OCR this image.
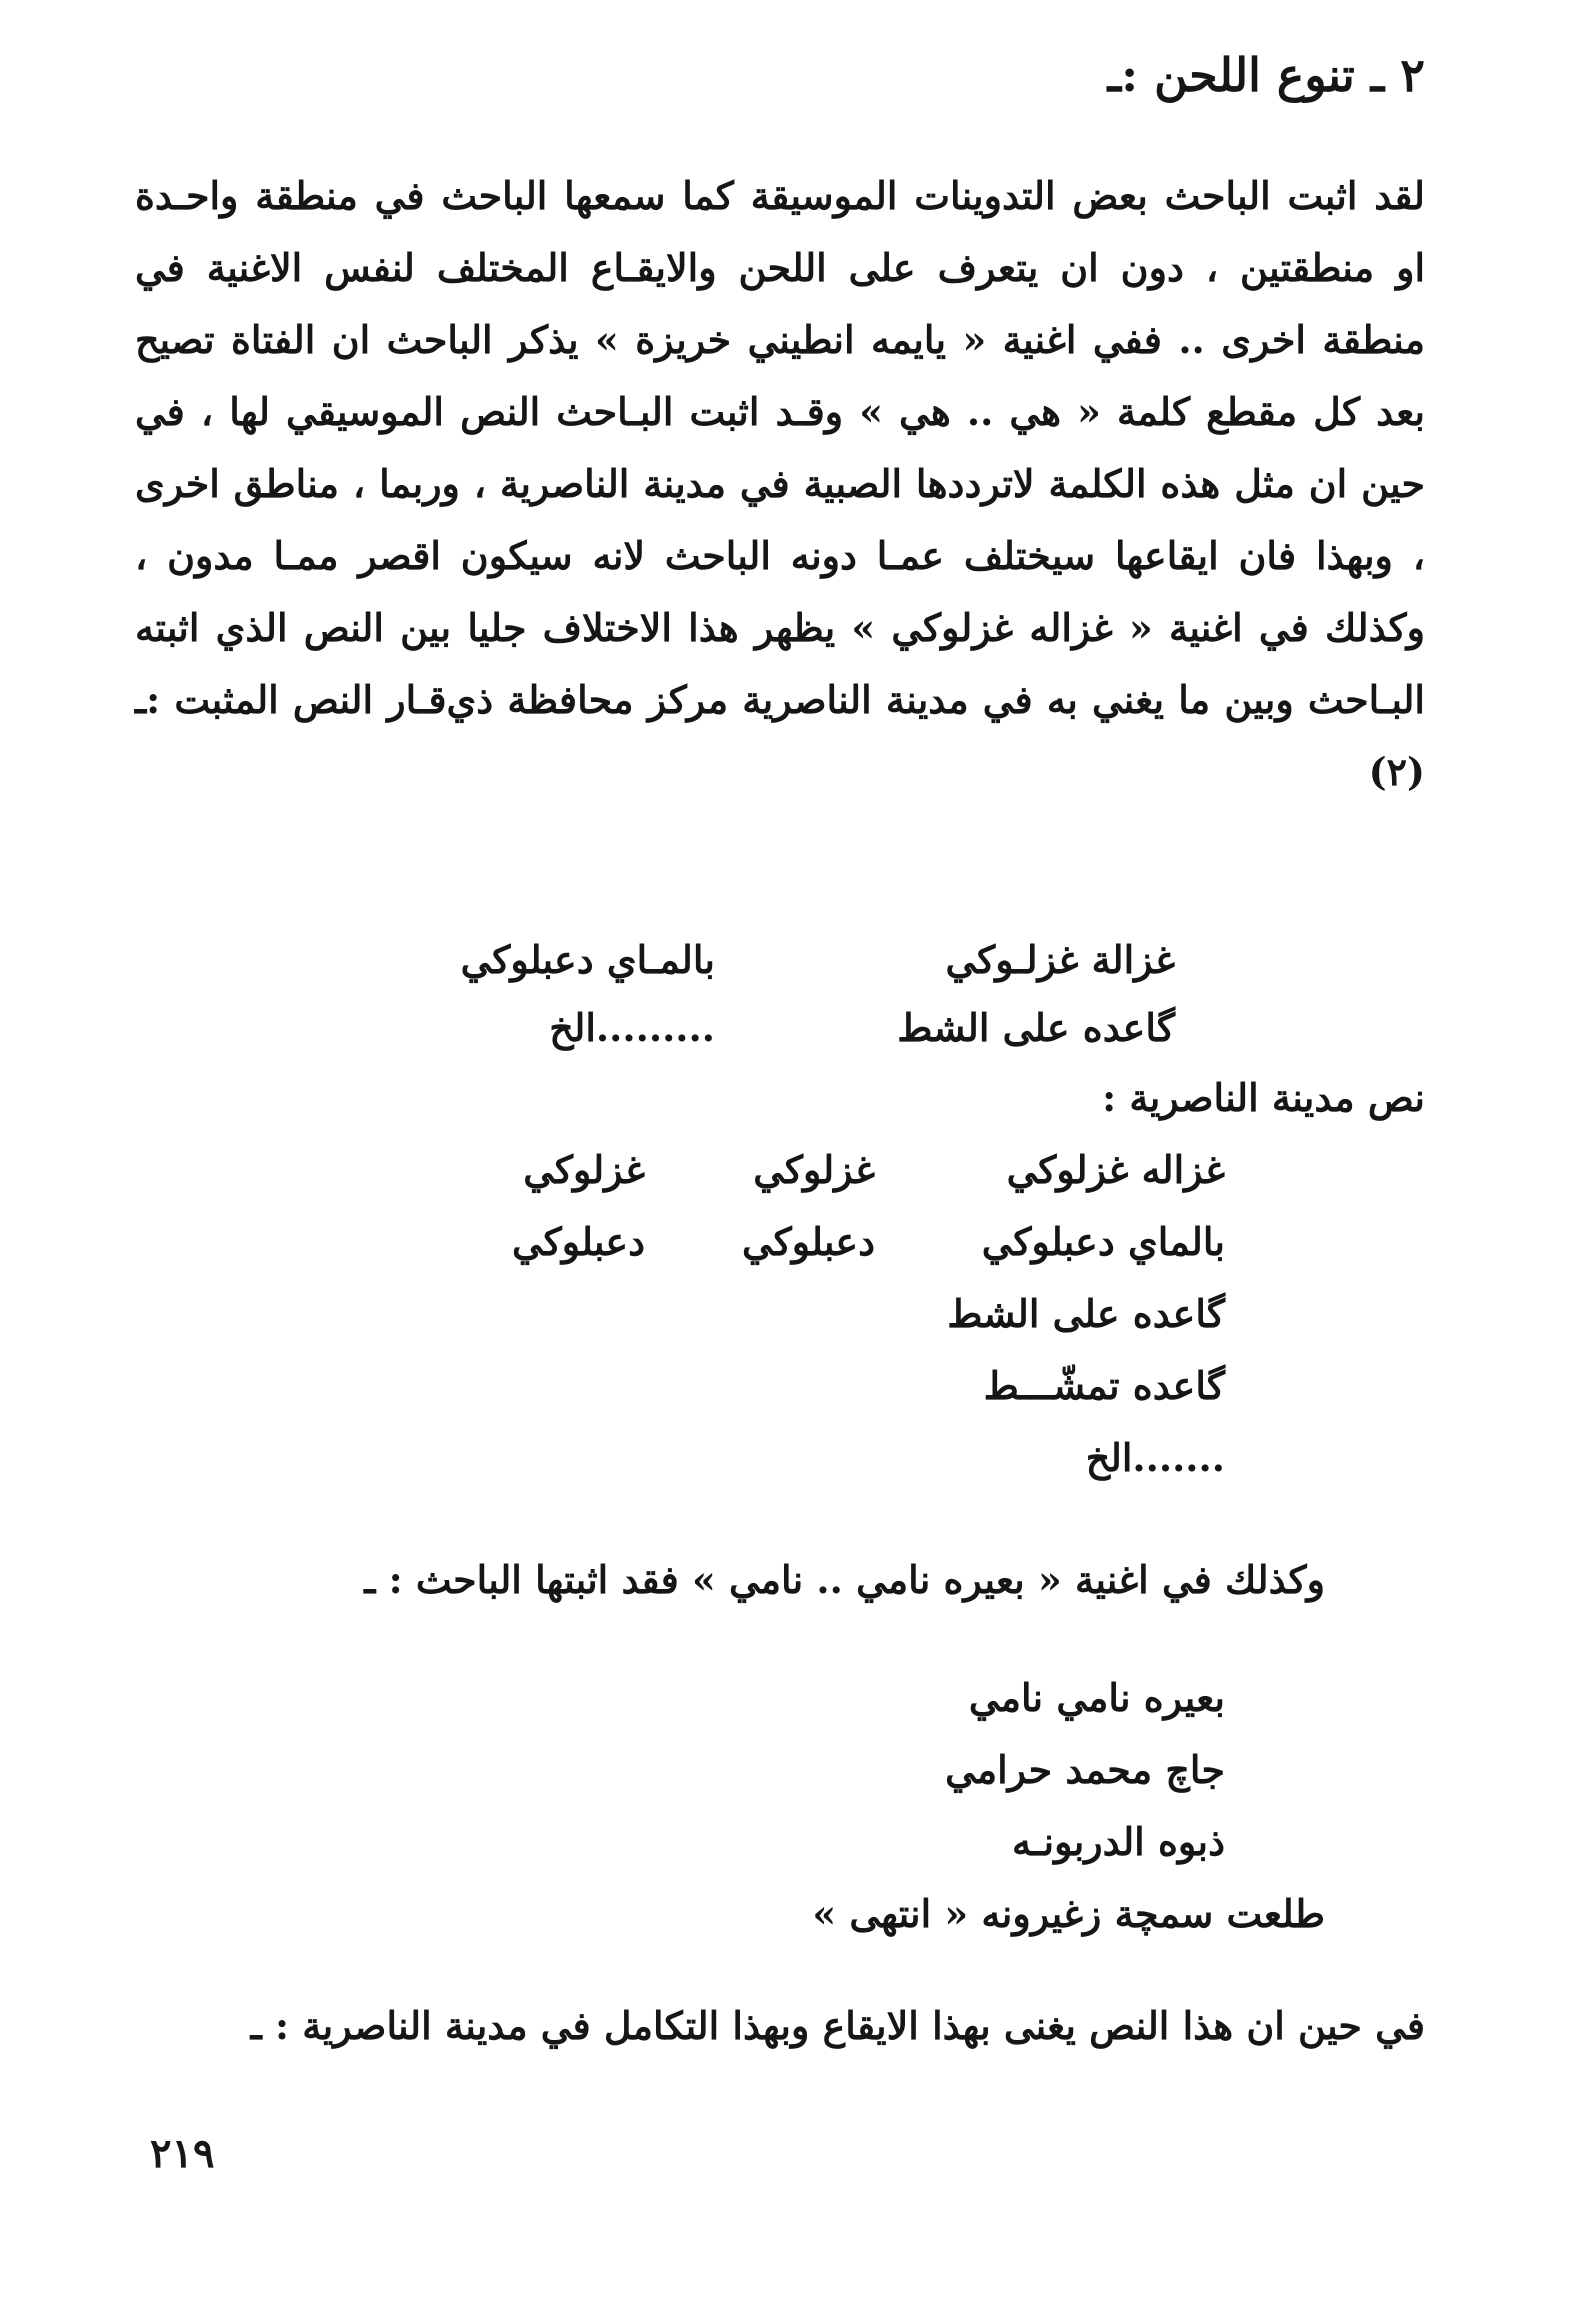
٢ ـ تنوع اللحن :ـ

لقد اثبت الباحث بعض التدوينات الموسيقة كما سمعها الباحث في منطقة واحـدة او منطقتين ، دون ان يتعرف على اللحن والايقـاع المختلف لنفس الاغنية في منطقة اخرى .. ففي اغنية « يايمه انطيني خريزة » يذكر الباحث ان الفتاة تصيح بعد كل مقطع كلمة « هي .. هي » وقـد اثبت البـاحث النص الموسيقي لها ، في حين ان مثل هذه الكلمة لاترددها الصبية في مدينة الناصرية ، وربما ، مناطق اخرى ، وبهذا فان ايقاعها سيختلف عمـا دونه الباحث لانه سيكون اقصر ممـا مدون ، وكذلك في اغنية « غزاله غزلوكي » يظهر هذا الاختلاف جليا بين النص الذي اثبته البـاحث وبين ما يغني به في مدينة الناصرية مركز محافظة ذي‌قـار النص المثبت :ـ (٢)

غزالة غزلـوكي
بالمـاي دعبلوكي
گاعده على الشط
.........الخ
نص مدينة الناصرية :
غزاله غزلوكي
غزلوكي
غزلوكي
بالماي دعبلوكي
دعبلوكي
دعبلوكي
گاعده على الشط
گاعده تمشّـــط
.......الخ
وكذلك في اغنية « بعيره نامي .. نامي » فقد اثبتها الباحث : ـ
بعيره نامي نامي
جاچ محمد حرامي
ذبوه الدربونـه
طلعت سمچة زغيرونه « انتهى »

في حين ان هذا النص يغنى بهذا الايقاع وبهذا التكامل في مدينة الناصرية : ـ

٢١٩
